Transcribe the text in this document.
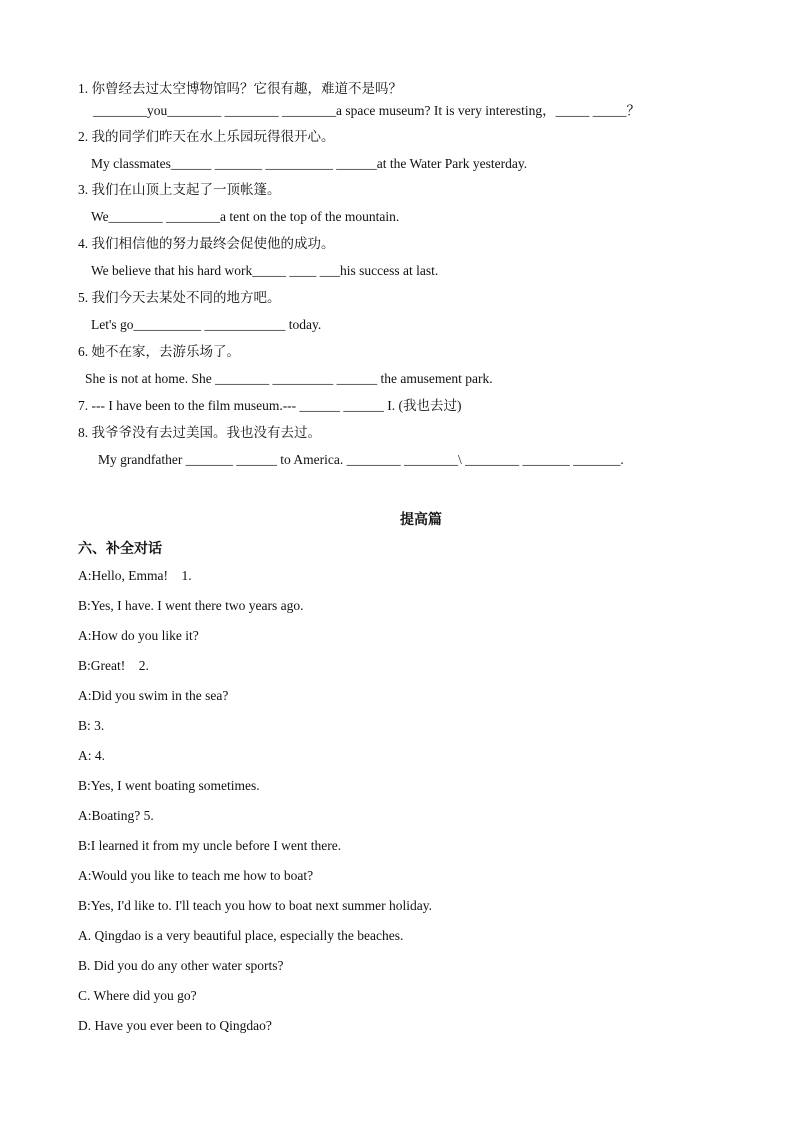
1. 你曾经去过太空博物馆吗？它很有趣，难道不是吗？
________you________ ________ ________a space museum? It is very interesting，_____ _____？
2. 我的同学们昨天在水上乐园玩得很开心。
My classmates______ _______ __________ ______at the Water Park yesterday.
3. 我们在山顶上支起了一顶帐篷。
We________ ________a tent on the top of the mountain.
4. 我们相信他的努力最终会促使他的成功。
We believe that his hard work_____ ____ ___his success at last.
5. 我们今天去某处不同的地方吧。
Let's go__________ ____________ today.
6. 她不在家，去游乐场了。
She is not at home. She ________ _________ ______ the amusement park.
7. --- I have been to the film museum.--- ______ ______ I. (我也去过)
8. 我爷爷没有去过美国。我也没有去过。
My grandfather _______ ______ to America. ________ ________\ ________ _______ _______.
提高篇
六、补全对话
A:Hello, Emma!    1.
B:Yes, I have. I went there two years ago.
A:How do you like it?
B:Great!    2.
A:Did you swim in the sea?
B: 3.
A: 4.
B:Yes, I went boating sometimes.
A:Boating? 5.
B:I learned it from my uncle before I went there.
A:Would you like to teach me how to boat?
B:Yes, I'd like to. I'll teach you how to boat next summer holiday.
A. Qingdao is a very beautiful place, especially the beaches.
B. Did you do any other water sports?
C. Where did you go?
D. Have you ever been to Qingdao?
